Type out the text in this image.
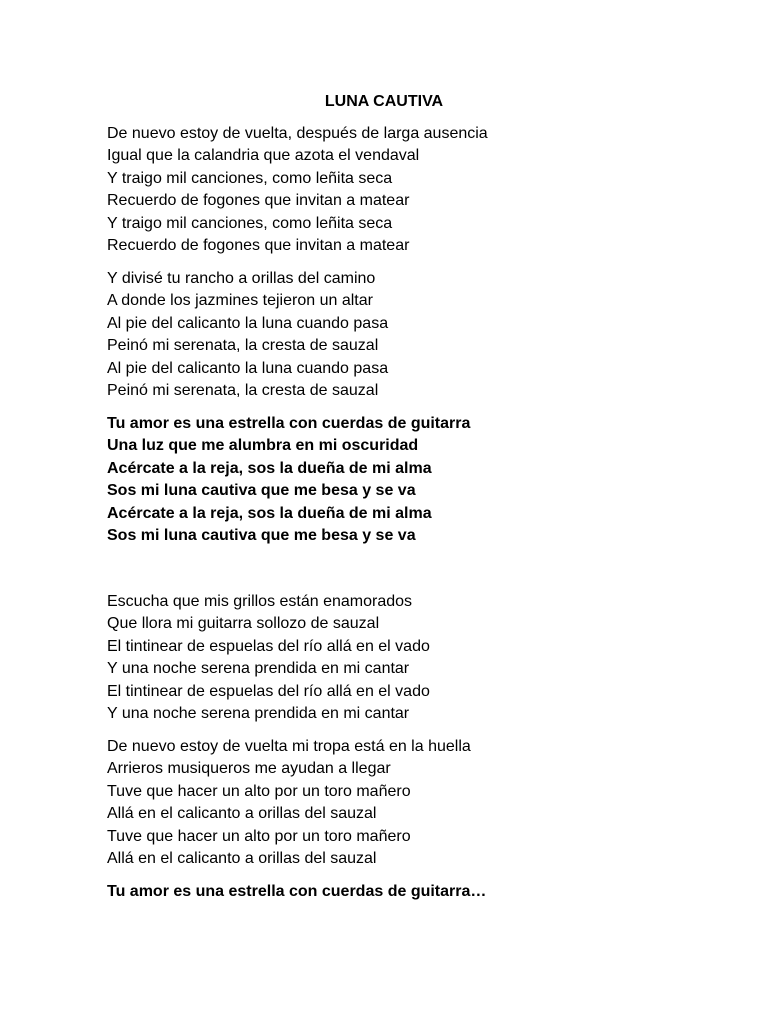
LUNA CAUTIVA
De nuevo estoy de vuelta, después de larga ausencia
Igual que la calandria que azota el vendaval
Y traigo mil canciones, como leñita seca
Recuerdo de fogones que invitan a matear
Y traigo mil canciones, como leñita seca
Recuerdo de fogones que invitan a matear
Y divisé tu rancho a orillas del camino
A donde los jazmines tejieron un altar
Al pie del calicanto la luna cuando pasa
Peinó mi serenata, la cresta de sauzal
Al pie del calicanto la luna cuando pasa
Peinó mi serenata, la cresta de sauzal
Tu amor es una estrella con cuerdas de guitarra
Una luz que me alumbra en mi oscuridad
Acércate a la reja, sos la dueña de mi alma
Sos mi luna cautiva que me besa y se va
Acércate a la reja, sos la dueña de mi alma
Sos mi luna cautiva que me besa y se va
Escucha que mis grillos están enamorados
Que llora mi guitarra sollozo de sauzal
El tintinear de espuelas del río allá en el vado
Y una noche serena prendida en mi cantar
El tintinear de espuelas del río allá en el vado
Y una noche serena prendida en mi cantar
De nuevo estoy de vuelta mi tropa está en la huella
Arrieros musiqueros me ayudan a llegar
Tuve que hacer un alto por un toro mañero
Allá en el calicanto a orillas del sauzal
Tuve que hacer un alto por un toro mañero
Allá en el calicanto a orillas del sauzal
Tu amor es una estrella con cuerdas de guitarra…
